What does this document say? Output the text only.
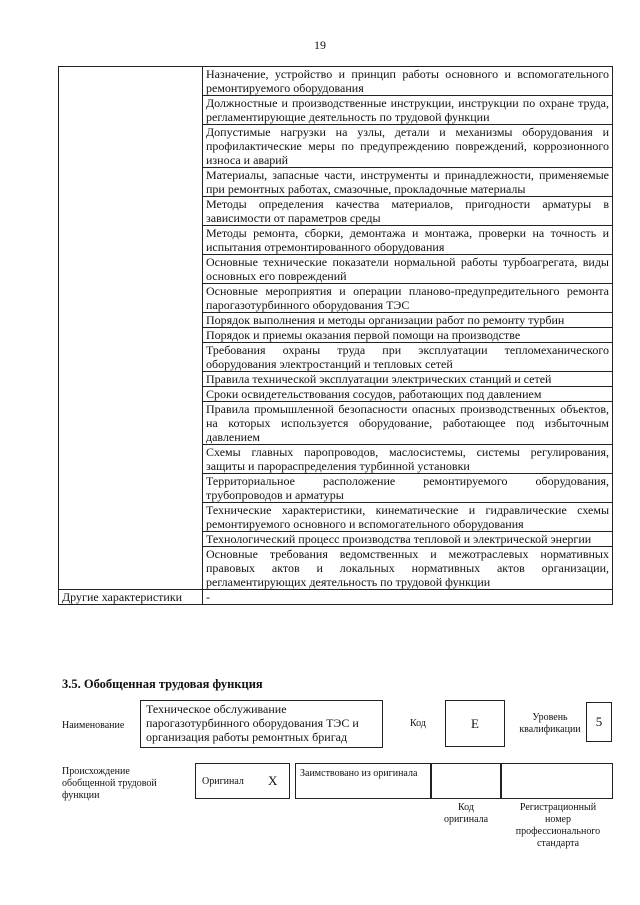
19
	Назначение, устройство и принцип работы основного и вспомогательного ремонтируемого оборудования
	Должностные и производственные инструкции, инструкции по охране труда, регламентирующие деятельность по трудовой функции
	Допустимые нагрузки на узлы, детали и механизмы оборудования и профилактические меры по предупреждению повреждений, коррозионного износа и аварий
	Материалы, запасные части, инструменты и принадлежности, применяемые при ремонтных работах, смазочные, прокладочные материалы
	Методы определения качества материалов, пригодности арматуры в зависимости от параметров среды
	Методы ремонта, сборки, демонтажа и монтажа, проверки на точность и испытания отремонтированного оборудования
	Основные технические показатели нормальной работы турбоагрегата, виды основных его повреждений
	Основные мероприятия и операции планово-предупредительного ремонта парогазотурбинного оборудования ТЭС
	Порядок выполнения и методы организации работ по ремонту турбин
	Порядок и приемы оказания первой помощи на производстве
	Требования охраны труда при эксплуатации тепломеханического оборудования электростанций и тепловых сетей
	Правила технической эксплуатации электрических станций и сетей
	Сроки освидетельствования сосудов, работающих под давлением
	Правила промышленной безопасности опасных производственных объектов, на которых используется оборудование, работающее под избыточным давлением
	Схемы главных паропроводов, маслосистемы, системы регулирования, защиты и парораспределения турбинной установки
	Территориальное расположение ремонтируемого оборудования, трубопроводов и арматуры
	Технические характеристики, кинематические и гидравлические схемы ремонтируемого основного и вспомогательного оборудования
	Технологический процесс производства тепловой и электрической энергии
	Основные требования ведомственных и межотраслевых нормативных правовых актов и локальных нормативных актов организации, регламентирующих деятельность по трудовой функции
Другие характеристики	-
3.5. Обобщенная трудовая функция
Наименование
Техническое обслуживание парогазотурбинного оборудования ТЭС и организация работы ремонтных бригад
Код	E	Уровень квалификации
5
Происхождение обобщенной трудовой функции
Оригинал X	Заимствовано из оригинала
Код оригинала
Регистрационный номер профессионального стандарта
